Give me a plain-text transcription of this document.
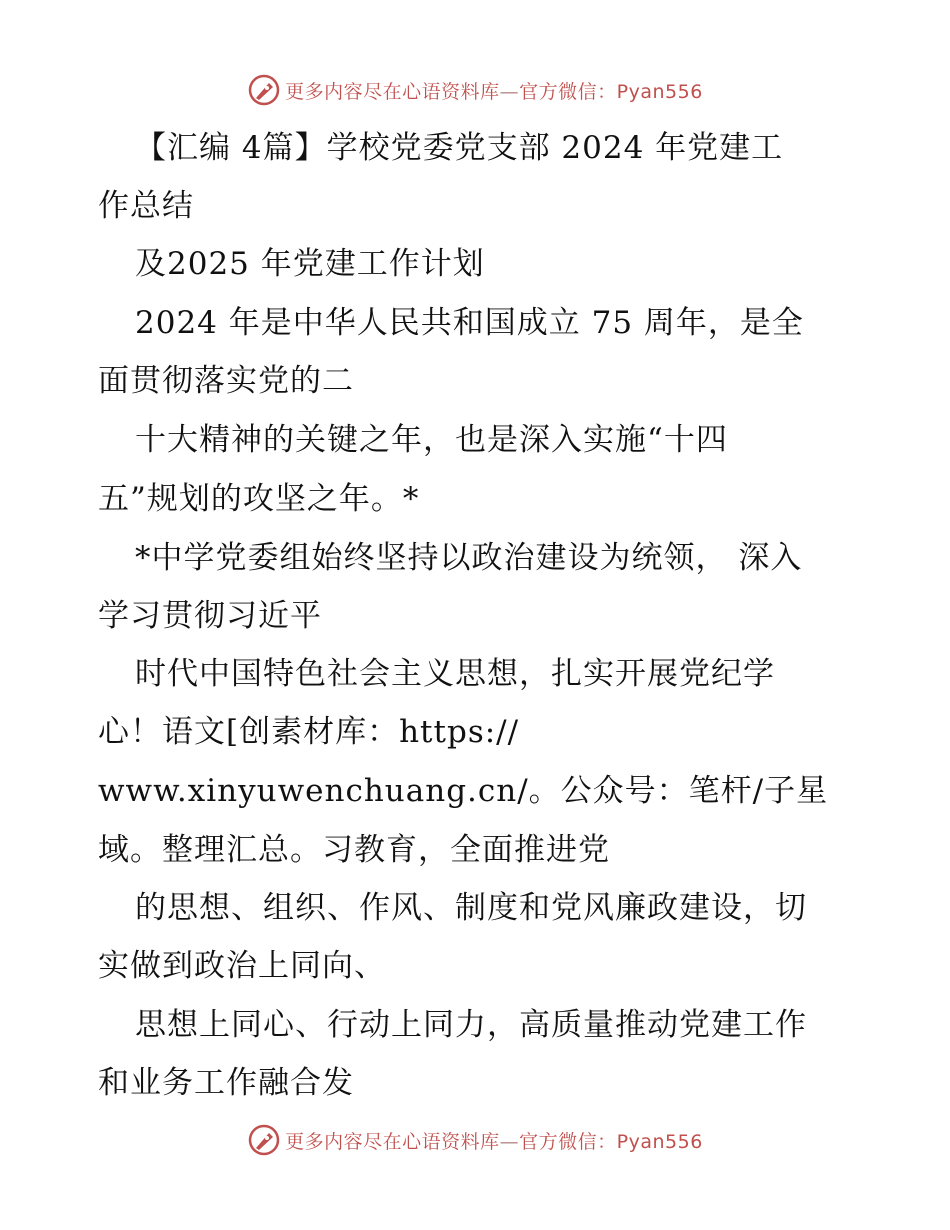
更多内容尽在心语资料库—官方微信：Pyan556
【汇编 4篇】学校党委党支部 2024 年党建工
作总结
及2025 年党建工作计划
2024 年是中华人民共和国成立 75 周年，是全
面贯彻落实党的二
十大精神的关键之年，也是深入实施“十四
五”规划的攻坚之年。*
*中学党委组始终坚持以政治建设为统领， 深入
学习贯彻习近平
时代中国特色社会主义思想，扎实开展党纪学
心！语文[创素材库：https://
www.xinyuwenchuang.cn/。公众号：笔杆/子星
域。整理汇总。习教育，全面推进党
的思想、组织、作风、制度和党风廉政建设，切
实做到政治上同向、
思想上同心、行动上同力，高质量推动党建工作
和业务工作融合发
更多内容尽在心语资料库—官方微信：Pyan556
